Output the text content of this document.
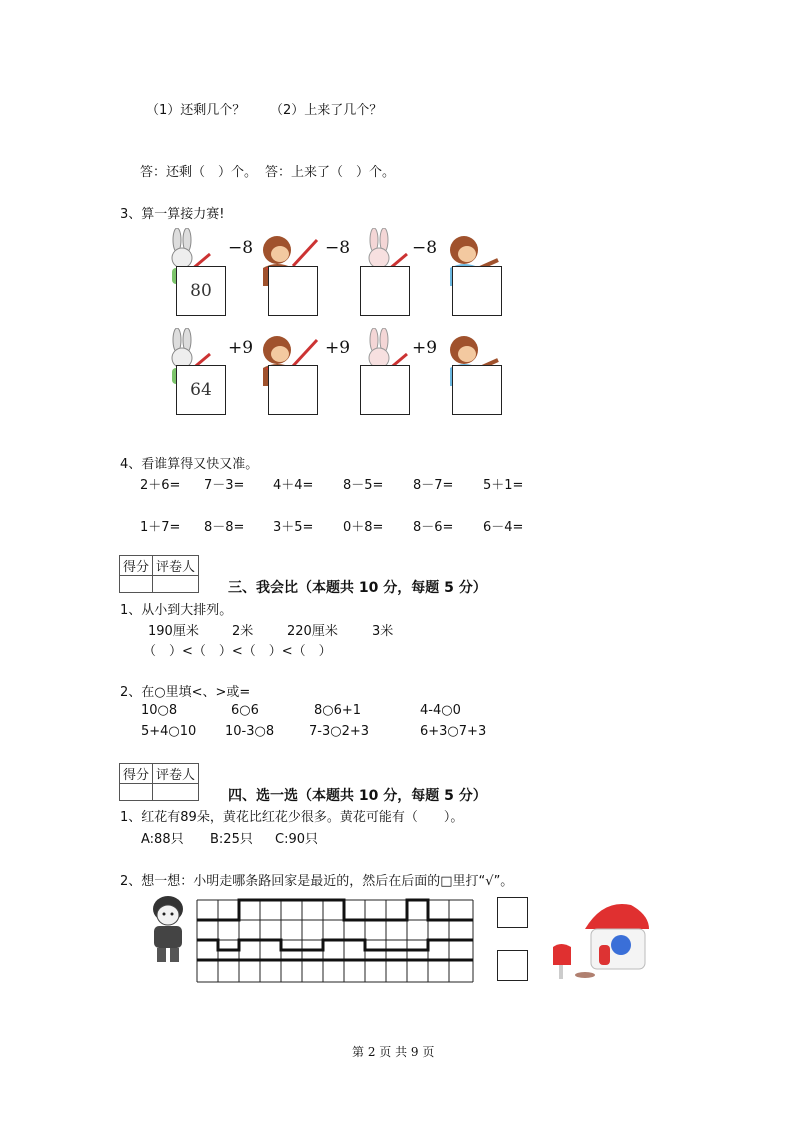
（1）还剩几个？ （2）上来了几个？
答：还剩（　）个。 答：上来了（　）个。
3、算一算接力赛!
−8	−8	−8
80
+9	+9	+9
64
4、看谁算得又快又准。
2＋6= 7－3= 4＋4= 8－5= 8－7= 5＋1=
1＋7= 8－8= 3＋5= 0＋8= 8－6= 6－4=
得分	评卷人

三、我会比（本题共 10 分，每题 5 分）
1、从小到大排列。
190厘米	2米	220厘米	3米
（　）<（　）<（　）<（　）
2、在○里填<、>或=
10○8	6○6	8○6+1	4-4○0
5+4○10 10-3○8	7-3○2+3	6+3○7+3
得分	评卷人

四、选一选（本题共 10 分，每题 5 分）
1、红花有89朵，黄花比红花少很多。黄花可能有（　　）。
A:88只 B:25只 C:90只
2、想一想：小明走哪条路回家是最近的，然后在后面的□里打“√”。
第 2 页 共 9 页
